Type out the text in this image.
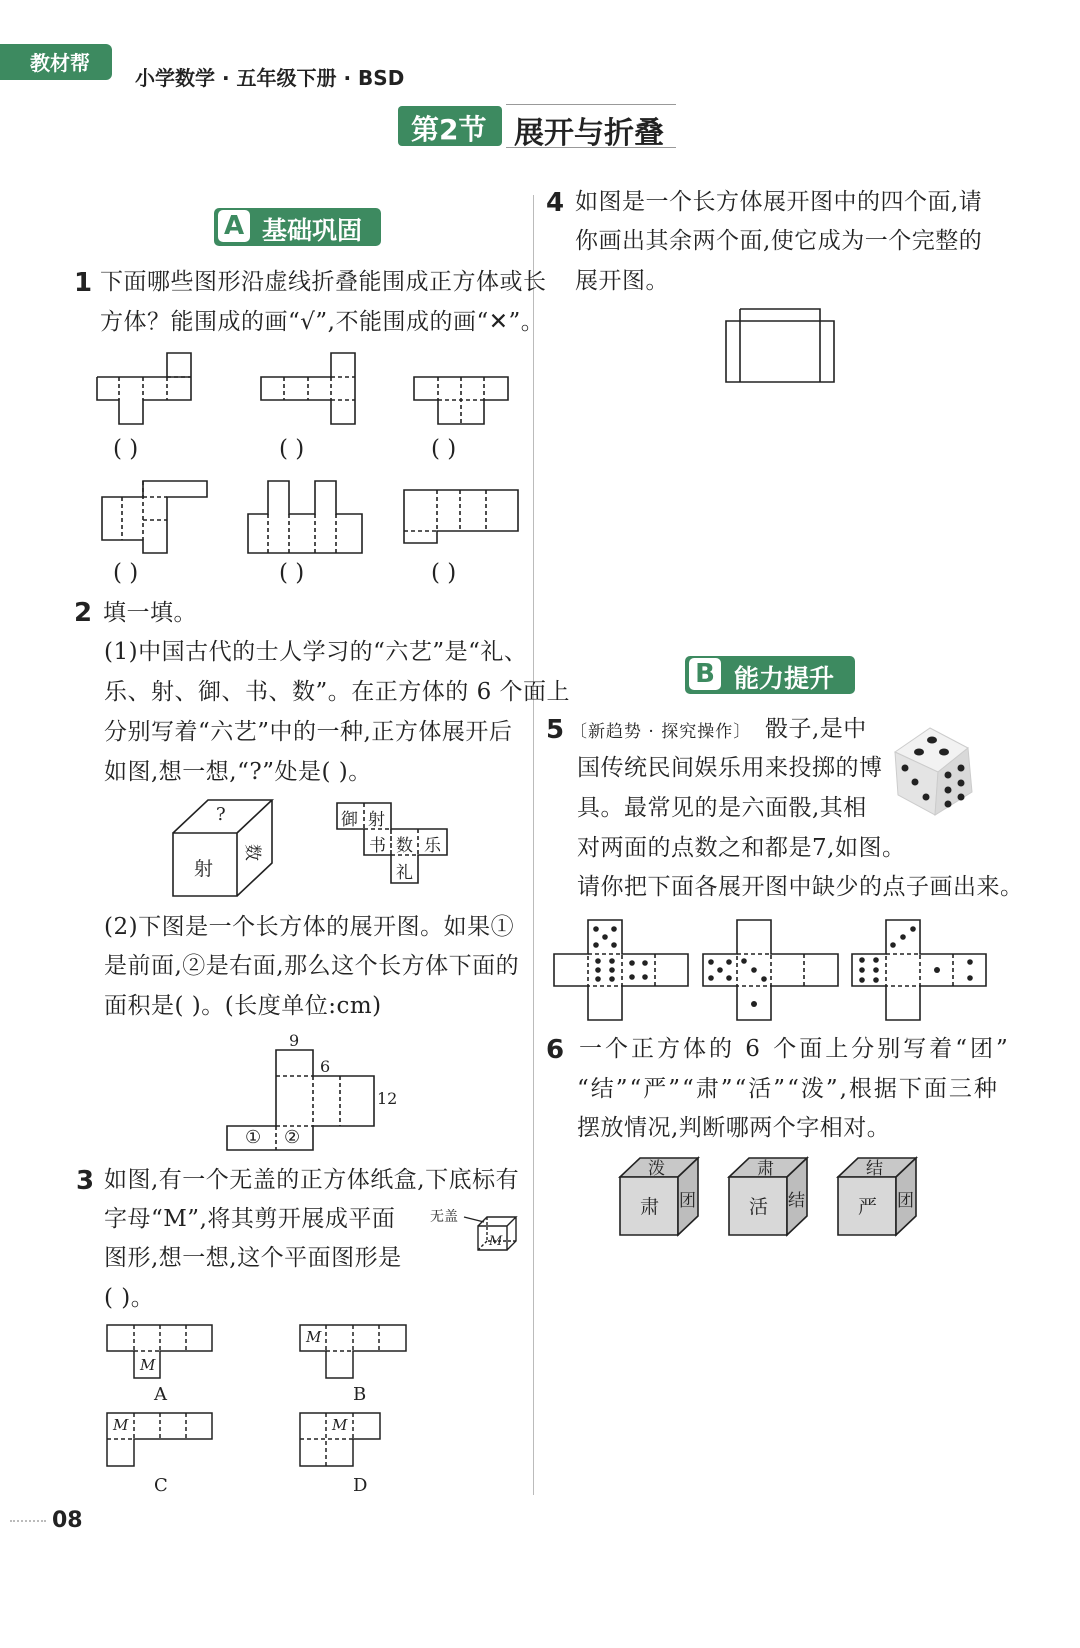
教材帮
小学数学 · 五年级下册 · BSD
第2节 展开与折叠
A 基础巩固
1 下面哪些图形沿虚线折叠能围成正方体或长
方体？能围成的画“√”,不能围成的画“✕”。
( )	( )	( )
( )	( )	( )
2 填一填。
(1)中国古代的士人学习的“六艺”是“礼、
乐、射、御、书、数”。在正方体的 6 个面上
分别写着“六艺”中的一种,正方体展开后
如图,想一想,“?”处是( )。
?
射
数
御 射
书 数 乐
礼
(2)下图是一个长方体的展开图。如果①
是前面,②是右面,那么这个长方体下面的
面积是( )。(长度单位:cm)
9
6
12
① ②
3 如图,有一个无盖的正方体纸盒,下底标有
字母“M”,将其剪开展成平面
图形,想一想,这个平面图形是
( )。
无盖
M
M
M
M	M
A	B
C	D
4 如图是一个长方体展开图中的四个面,请
你画出其余两个面,使它成为一个完整的
展开图。
B 能力提升
5 〔新趋势 · 探究操作〕 骰子,是中
国传统民间娱乐用来投掷的博
具。最常见的是六面骰,其相
对两面的点数之和都是7,如图。
请你把下面各展开图中缺少的点子画出来。
6 一个正方体的 6 个面上分别写着“团”
“结”“严”“肃”“活”“泼”,根据下面三种
摆放情况,判断哪两个字相对。
泼
肃 团
肃
活 结
结
严 团
08
